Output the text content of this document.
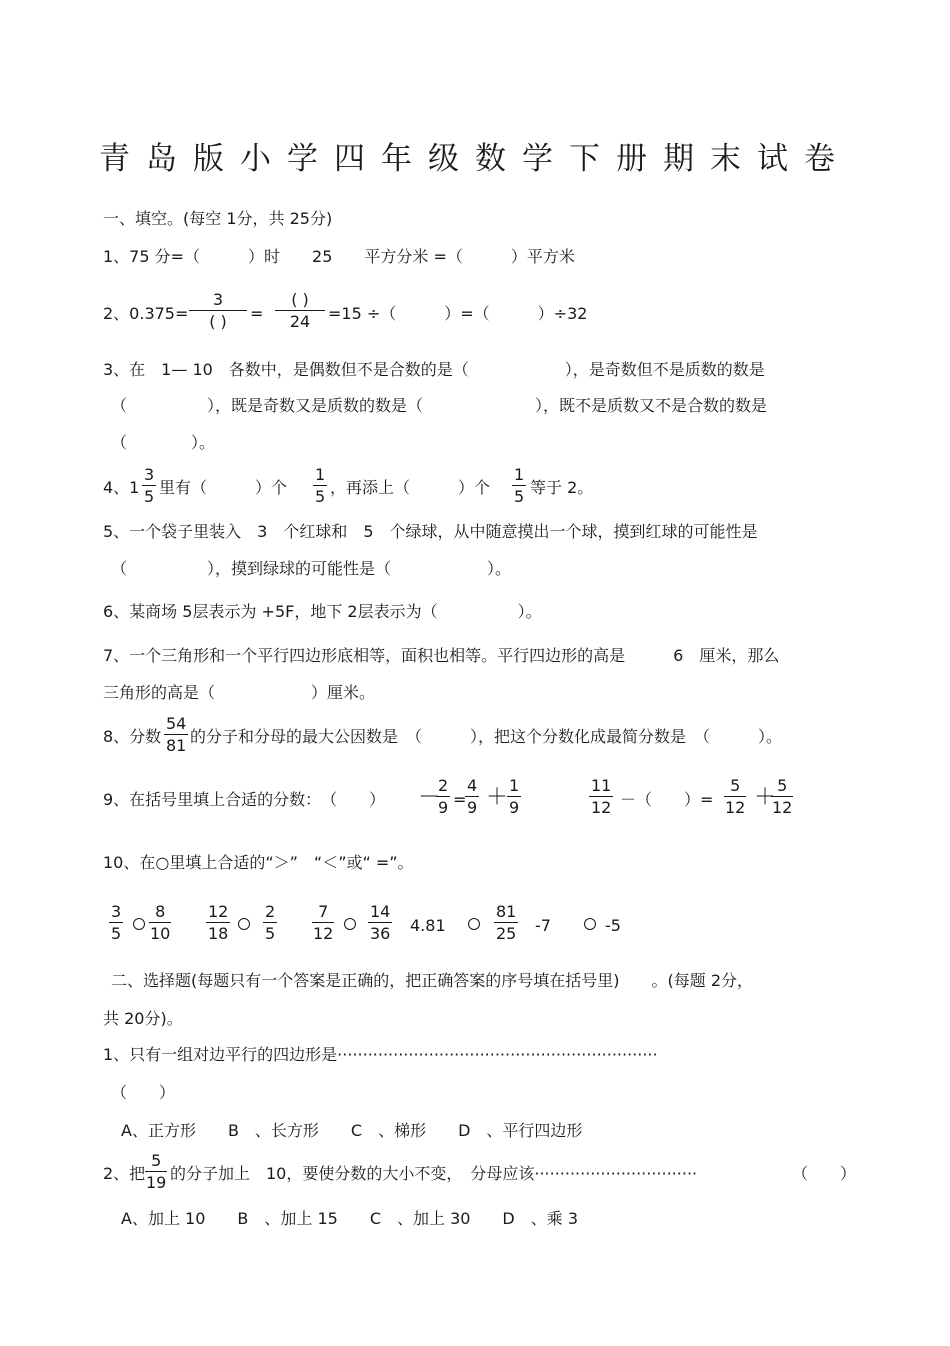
青岛版小学四年级数学下册期末试卷
一、填空。(每空 1分，共 25分)
1、75 分=（　　　）时　　25　　平方分米 =（　　　）平方米
2、0.375=
3
( ) =
( )
24 =15 ÷（　　　）=（　　　）÷32
3、在　1— 10　各数中，是偶数但不是合数的是（　　　　　　），是奇数但不是质数的数是
（　　　　　），既是奇数又是质数的数是（　　　　　　　），既不是质数又不是合数的数是
（　　　　）。
4、$1 \frac{3}{5}$ 里有（　　　）个 $\frac{1}{5}$ ，再添上（　　　）个 $\frac{1}{5}$ 等于 2。
5、一个袋子里装入　3　个红球和　5　个绿球，从中随意摸出一个球，摸到红球的可能性是
（　　　　　），摸到绿球的可能性是（　　　　　　）。
6、某商场 5层表示为 +5F，地下 2层表示为（　　　　　）。
7、一个三角形和一个平行四边形底相等，面积也相等。平行四边形的高是　　　6　厘米，那么
三角形的高是（　　　　　　）厘米。
8、分数 $\frac{54}{81}$ 的分子和分母的最大公因数是　（　　　），把这个分数化成最简分数是　（　　　）。
9、在括号里填上合适的分数：　（　　） －
$\frac{2}{9} = \frac{4}{9} + \frac{1}{9}$	$\frac{11}{12}$ －（　　）= $\frac{5}{12}$ ＋
$\frac{5}{12}$
10、在○里填上合适的“＞”　“＜”或“ =”。
$\frac{3}{5} \frac{8}{10} \frac{12}{18} \frac{2}{5} \frac{7}{12} \frac{14}{36} 4.81$	$\frac{81}{25} -7$	-5
二、选择题(每题只有一个答案是正确的，把正确答案的序号填在括号里)　　。(每题 2分，
共 20分)。
1、只有一组对边平行的四边形是·······························································
（　　）
A、正方形　　B　、长方形　　C　、梯形　　D　、平行四边形
2、把 $\frac{5}{19}$ 的分子加上　10，要使分数的大小不变，　分母应该································	（　　）
A、加上 10　　B　、加上 15　　C　、加上 30　　D　、乘 3
